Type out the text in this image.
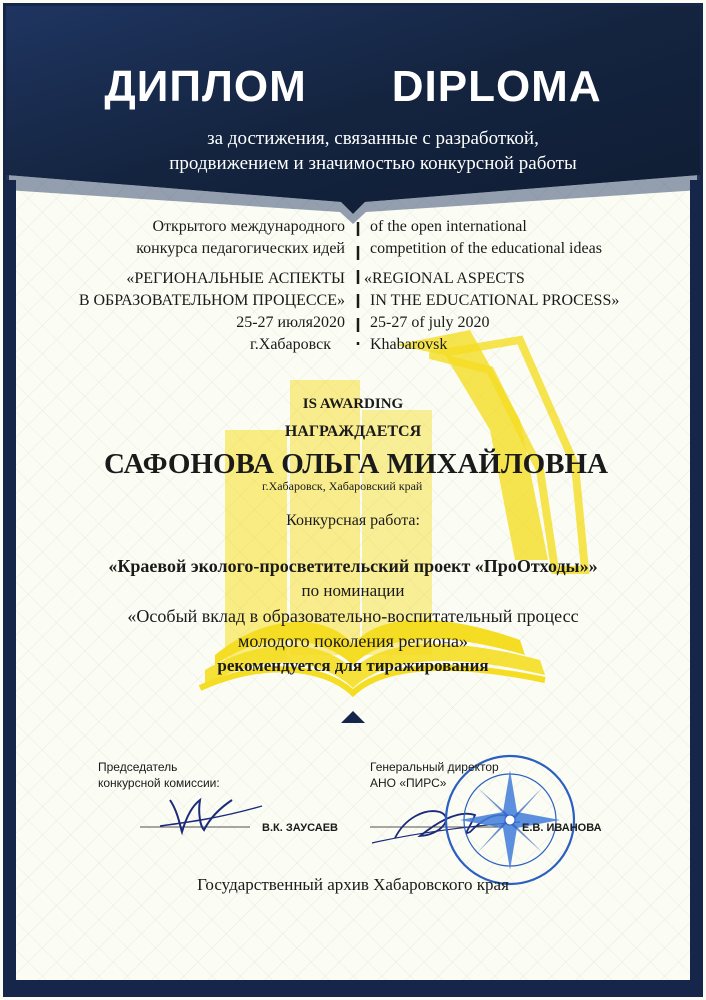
ДИПЛОМ DIPLOMA
за достижения, связанные с разработкой,
продвижением и значимостью конкурсной работы
Открытого международного
конкурса педагогических идей
«РЕГИОНАЛЬНЫЕ АСПЕКТЫ
В ОБРАЗОВАТЕЛЬНОМ ПРОЦЕССЕ»
25-27 июля2020
г.Хабаровск
of the open international
competition of the educational ideas
«REGIONAL ASPECTS
IN THE EDUCATIONAL PROCESS»
25-27 of july 2020
Khabarovsk
IS AWARDING
НАГРАЖДАЕТСЯ
САФОНОВА ОЛЬГА МИХАЙЛОВНА
г.Хабаровск, Хабаровский край
Конкурсная работа:
«Краевой эколого-просветительский проект «ПроОтходы»»
по номинации
«Особый вклад в образовательно-воспитательный процесс
молодого поколения региона»
рекомендуется для тиражирования
Председатель
конкурсной комиссии:
В.К. ЗАУСАЕВ
Генеральный директор
АНО «ПИРС»
Е.В. ИВАНОВА
Государственный архив Хабаровского края
